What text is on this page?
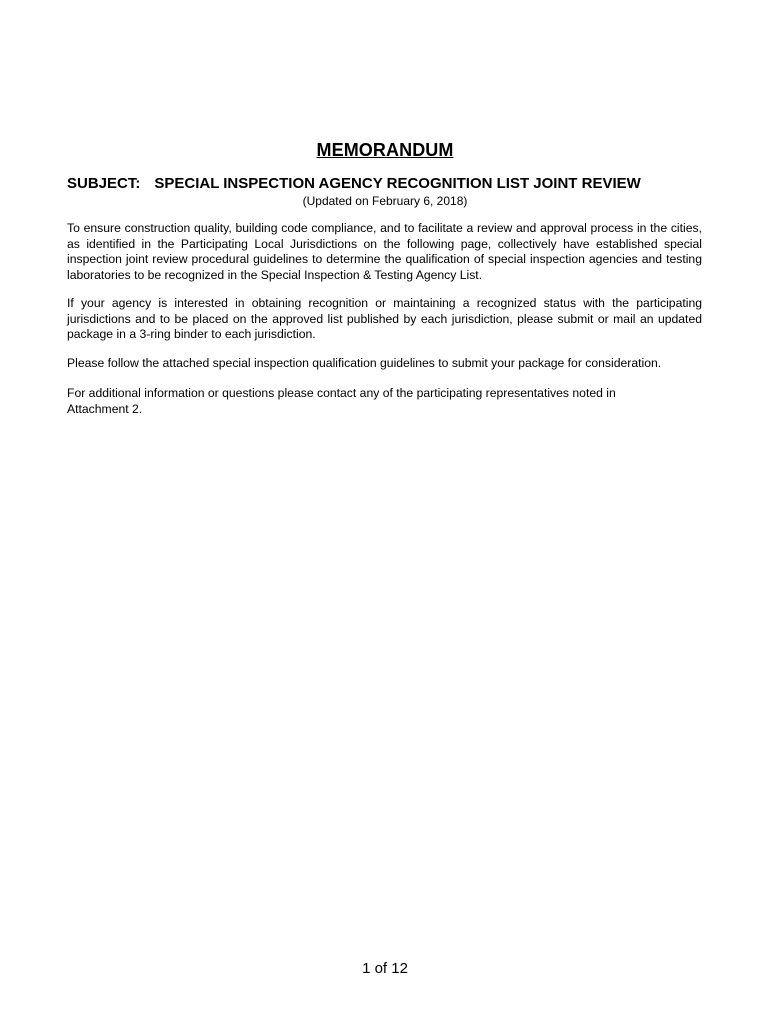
MEMORANDUM
SUBJECT: SPECIAL INSPECTION AGENCY RECOGNITION LIST JOINT REVIEW
(Updated on February 6, 2018)

To ensure construction quality, building code compliance, and to facilitate a review and approval process in the cities, as identified in the Participating Local Jurisdictions on the following page, collectively have established special inspection joint review procedural guidelines to determine the qualification of special inspection agencies and testing laboratories to be recognized in the Special Inspection & Testing Agency List.

If your agency is interested in obtaining recognition or maintaining a recognized status with the participating jurisdictions and to be placed on the approved list published by each jurisdiction, please submit or mail an updated package in a 3-ring binder to each jurisdiction.

Please follow the attached special inspection qualification guidelines to submit your package for consideration.

For additional information or questions please contact any of the participating representatives noted in Attachment 2.

1 of 12
